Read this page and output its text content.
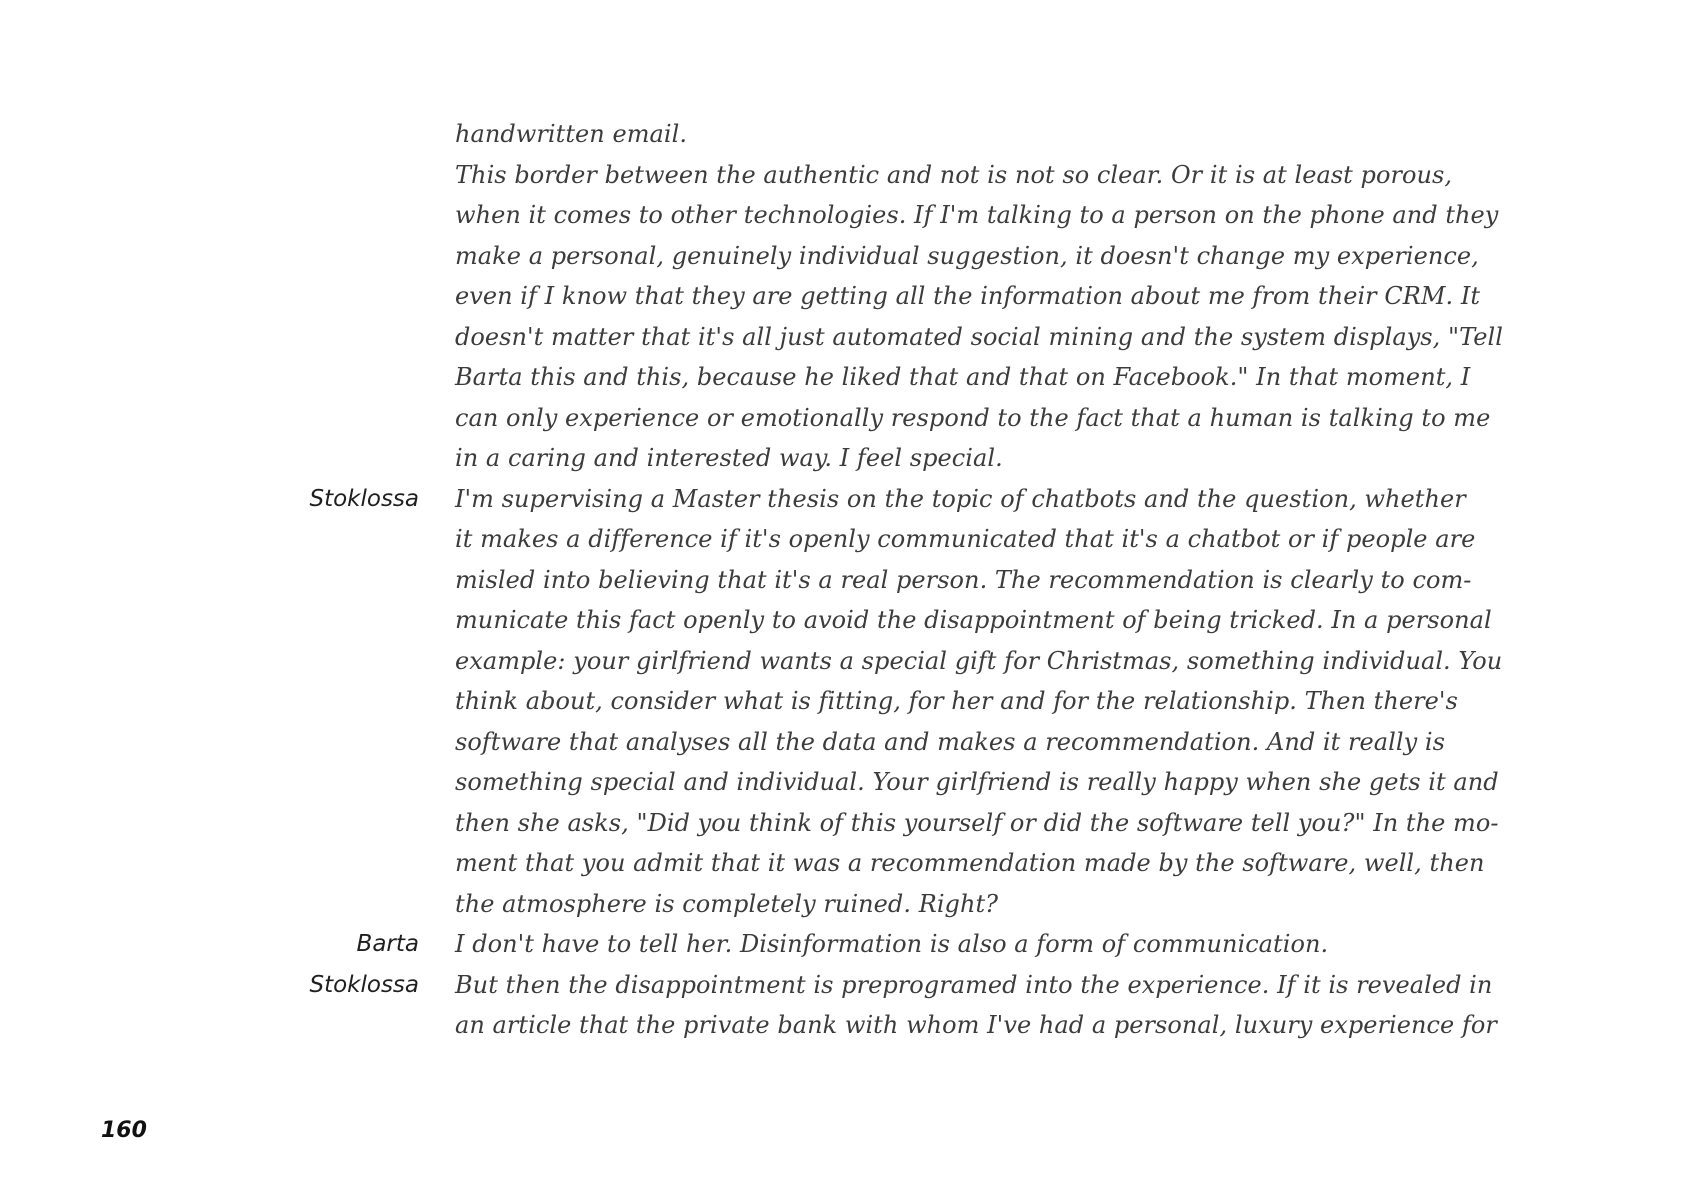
handwritten email.
This border between the authentic and not is not so clear. Or it is at least porous,
when it comes to other technologies. If I'm talking to a person on the phone and they
make a personal, genuinely individual suggestion, it doesn't change my experience,
even if I know that they are getting all the information about me from their CRM. It
doesn't matter that it's all just automated social mining and the system displays, "Tell
Barta this and this, because he liked that and that on Facebook." In that moment, I
can only experience or emotionally respond to the fact that a human is talking to me
in a caring and interested way. I feel special.
Stoklossa I'm supervising a Master thesis on the topic of chatbots and the question, whether
it makes a difference if it's openly communicated that it's a chatbot or if people are
misled into believing that it's a real person. The recommendation is clearly to com-
municate this fact openly to avoid the disappointment of being tricked. In a personal
example: your girlfriend wants a special gift for Christmas, something individual. You
think about, consider what is fitting, for her and for the relationship. Then there's
software that analyses all the data and makes a recommendation. And it really is
something special and individual. Your girlfriend is really happy when she gets it and
then she asks, "Did you think of this yourself or did the software tell you?" In the mo-
ment that you admit that it was a recommendation made by the software, well, then
the atmosphere is completely ruined. Right?
Barta I don't have to tell her. Disinformation is also a form of communication.
Stoklossa But then the disappointment is preprogramed into the experience. If it is revealed in
an article that the private bank with whom I've had a personal, luxury experience for
160
